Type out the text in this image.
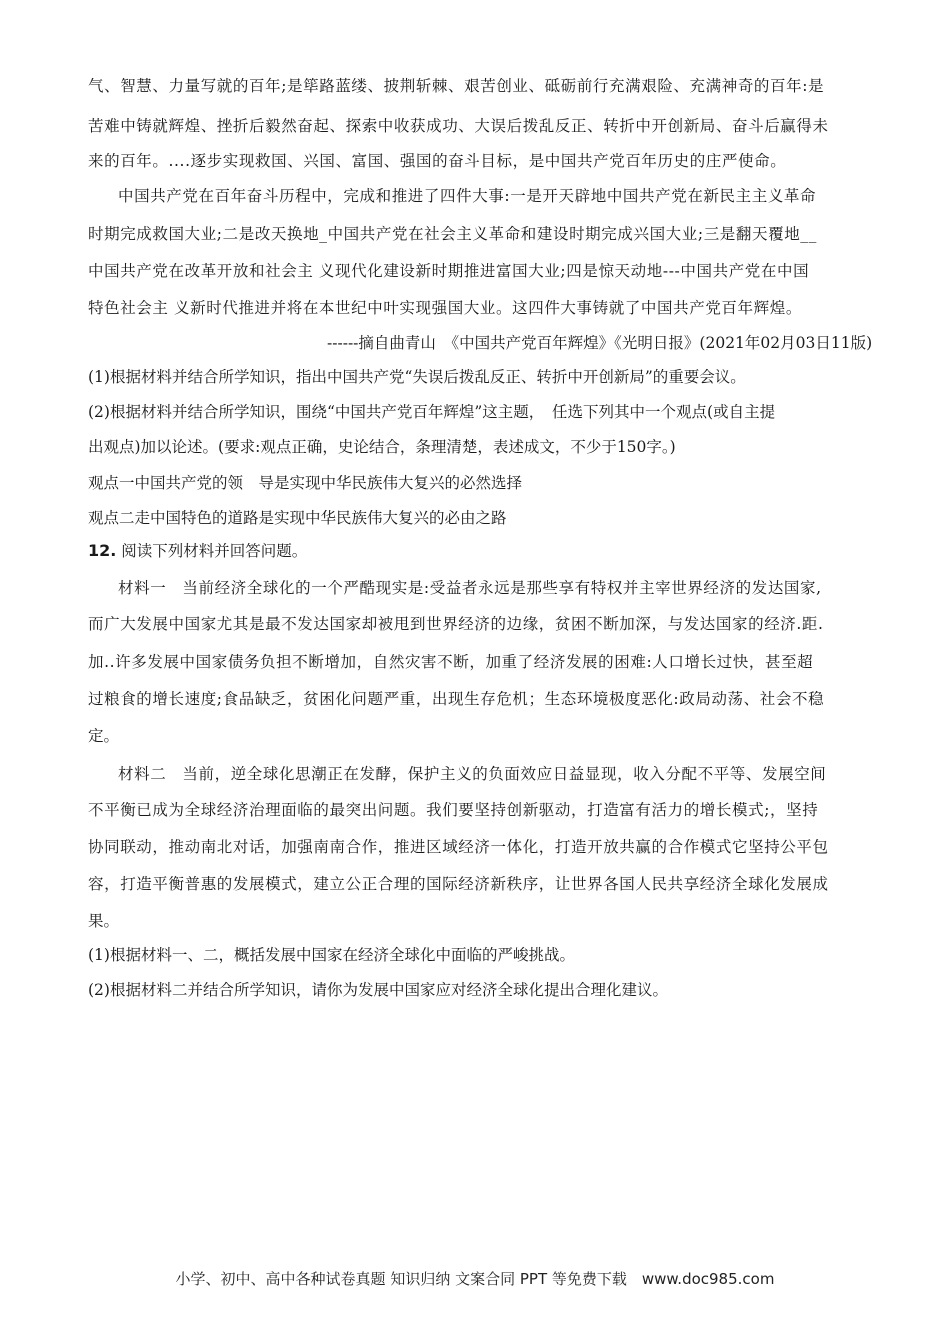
气、智慧、力量写就的百年;是筚路蓝缕、披荆斩棘、艰苦创业、砥砺前行充满艰险、充满神奇的百年:是
苦难中铸就辉煌、挫折后毅然奋起、探索中收获成功、大误后拨乱反正、转折中开创新局、奋斗后赢得未
来的百年。....逐步实现救国、兴国、富国、强国的奋斗目标，是中国共产党百年历史的庄严使命。
中国共产党在百年奋斗历程中，完成和推进了四件大事:一是开天辟地中国共产党在新民主主义革命
时期完成救国大业;二是改天换地_中国共产党在社会主义革命和建设时期完成兴国大业;三是翻天覆地__
中国共产党在改革开放和社会主 义现代化建设新时期推进富国大业;四是惊天动地---中国共产党在中国
特色社会主 义新时代推进并将在本世纪中叶实现强国大业。这四件大事铸就了中国共产党百年辉煌。
------摘自曲青山　《中国共产党百年辉煌》《光明日报》(2021年02月03日11版)
(1)根据材料并结合所学知识，指出中国共产党“失误后拨乱反正、转折中开创新局”的重要会议。
(2)根据材料并结合所学知识，围绕“中国共产党百年辉煌”这主题，　任选下列其中一个观点(或自主提
出观点)加以论述。(要求:观点正确，史论结合，条理清楚，表述成文，不少于150字。)
观点一中国共产党的领　导是实现中华民族伟大复兴的必然选择
观点二走中国特色的道路是实现中华民族伟大复兴的必由之路
12. 阅读下列材料并回答问题。
材料一　当前经济全球化的一个严酷现实是:受益者永远是那些享有特权并主宰世界经济的发达国家,
而广大发展中国家尤其是最不发达国家却被甩到世界经济的边缘，贫困不断加深，与发达国家的经济.距.
加..许多发展中国家债务负担不断增加，自然灾害不断，加重了经济发展的困难:人口增长过快，甚至超
过粮食的增长速度;食品缺乏，贫困化问题严重，出现生存危机；生态环境极度恶化:政局动荡、社会不稳
定。
材料二　当前，逆全球化思潮正在发酵，保护主义的负面效应日益显现，收入分配不平等、发展空间
不平衡已成为全球经济治理面临的最突出问题。我们要坚持创新驱动，打造富有活力的增长模式;，坚持
协同联动，推动南北对话，加强南南合作，推进区域经济一体化，打造开放共赢的合作模式它坚持公平包
容，打造平衡普惠的发展模式，建立公正合理的国际经济新秩序，让世界各国人民共享经济全球化发展成
果。
(1)根据材料一、二，概括发展中国家在经济全球化中面临的严峻挑战。
(2)根据材料二并结合所学知识，请你为发展中国家应对经济全球化提出合理化建议。
小学、初中、高中各种试卷真题 知识归纳 文案合同 PPT 等免费下载　www.doc985.com
